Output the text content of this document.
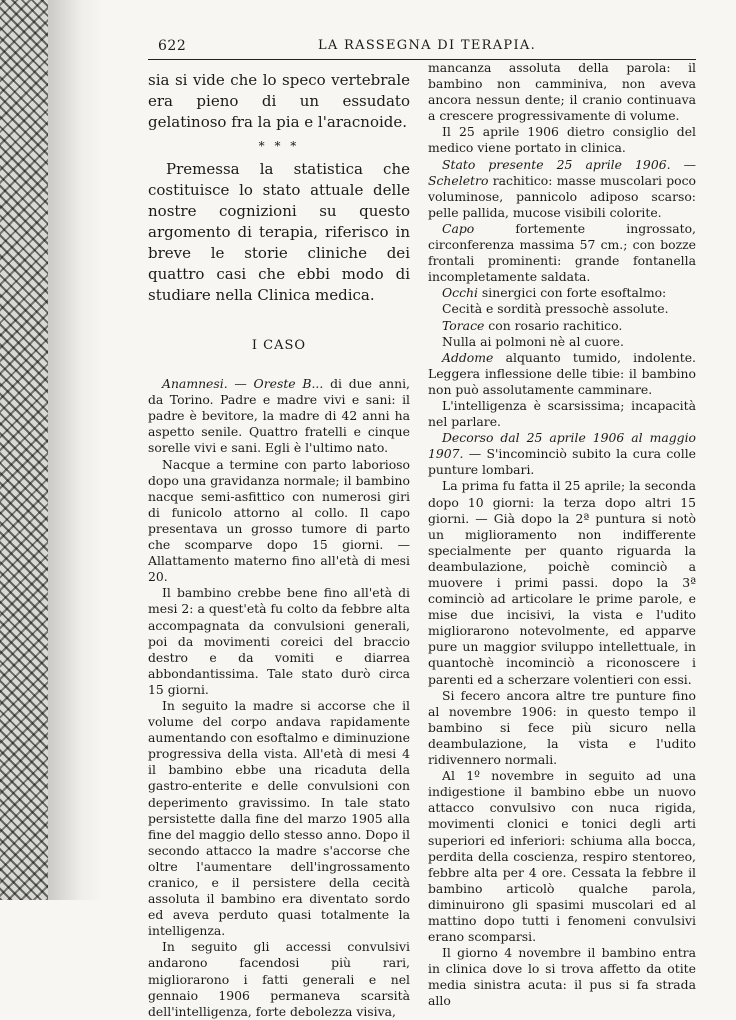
622	LA RASSEGNA DI TERAPIA.

sia si vide che lo speco vertebrale era pieno di un essudato gelatinoso fra la pia e l'aracnoide.

* * *

Premessa la statistica che costituisce lo stato attuale delle nostre cognizioni su questo argomento di terapia, riferisco in breve le storie cliniche dei quattro casi che ebbi modo di studiare nella Clinica medica.

I CASO

Anamnesi. — Oreste B... di due anni, da Torino. Padre e madre vivi e sani: il padre è bevitore, la madre di 42 anni ha aspetto senile. Quattro fratelli e cinque sorelle vivi e sani. Egli è l'ultimo nato.

Nacque a termine con parto laborioso dopo una gravidanza normale; il bambino nacque semi-asfittico con numerosi giri di funicolo attorno al collo. Il capo presentava un grosso tumore di parto che scomparve dopo 15 giorni. — Allattamento materno fino all'età di mesi 20.

Il bambino crebbe bene fino all'età di mesi 2: a quest'età fu colto da febbre alta accompagnata da convulsioni generali, poi da movimenti coreici del braccio destro e da vomiti e diarrea abbondantissima. Tale stato durò circa 15 giorni.

In seguito la madre si accorse che il volume del corpo andava rapidamente aumentando con esoftalmo e diminuzione progressiva della vista. All'età di mesi 4 il bambino ebbe una ricaduta della gastro-enterite e delle convulsioni con deperimento gravissimo. In tale stato persistette dalla fine del marzo 1905 alla fine del maggio dello stesso anno. Dopo il secondo attacco la madre s'accorse che oltre l'aumentare dell'ingrossamento cranico, e il persistere della cecità assoluta il bambino era diventato sordo ed aveva perduto quasi totalmente la intelligenza.

In seguito gli accessi convulsivi andarono facendosi più rari, migliorarono i fatti generali e nel gennaio 1906 permaneva scarsità dell'intelligenza, forte debolezza visiva,

mancanza assoluta della parola: il bambino non camminiva, non aveva ancora nessun dente; il cranio continuava a crescere progressivamente di volume.

Il 25 aprile 1906 dietro consiglio del medico viene portato in clinica.

Stato presente 25 aprile 1906. — Scheletro rachitico: masse muscolari poco voluminose, pannicolo adiposo scarso: pelle pallida, mucose visibili colorite.

Capo fortemente ingrossato, circonferenza massima 57 cm.; con bozze frontali prominenti: grande fontanella incompletamente saldata.

Occhi sinergici con forte esoftalmo:

Cecità e sordità pressochè assolute.

Torace con rosario rachitico.

Nulla ai polmoni nè al cuore.

Addome alquanto tumido, indolente. Leggera inflessione delle tibie: il bambino non può assolutamente camminare.

L'intelligenza è scarsissima; incapacità nel parlare.

Decorso dal 25 aprile 1906 al maggio 1907. — S'incominciò subito la cura colle punture lombari.

La prima fu fatta il 25 aprile; la seconda dopo 10 giorni: la terza dopo altri 15 giorni. — Già dopo la 2ª puntura si notò un miglioramento non indifferente specialmente per quanto riguarda la deambulazione, poichè cominciò a muovere i primi passi. dopo la 3ª cominciò ad articolare le prime parole, e mise due incisivi, la vista e l'udito migliorarono notevolmente, ed apparve pure un maggior sviluppo intellettuale, in quantochè incominciò a riconoscere i parenti ed a scherzare volentieri con essi.

Si fecero ancora altre tre punture fino al novembre 1906: in questo tempo il bambino si fece più sicuro nella deambulazione, la vista e l'udito ridivennero normali.

Al 1º novembre in seguito ad una indigestione il bambino ebbe un nuovo attacco convulsivo con nuca rigida, movimenti clonici e tonici degli arti superiori ed inferiori: schiuma alla bocca, perdita della coscienza, respiro stentoreo, febbre alta per 4 ore. Cessata la febbre il bambino articolò qualche parola, diminuirono gli spasimi muscolari ed al mattino dopo tutti i fenomeni convulsivi erano scomparsi.

Il giorno 4 novembre il bambino entra in clinica dove lo si trova affetto da otite media sinistra acuta: il pus si fa strada allo
